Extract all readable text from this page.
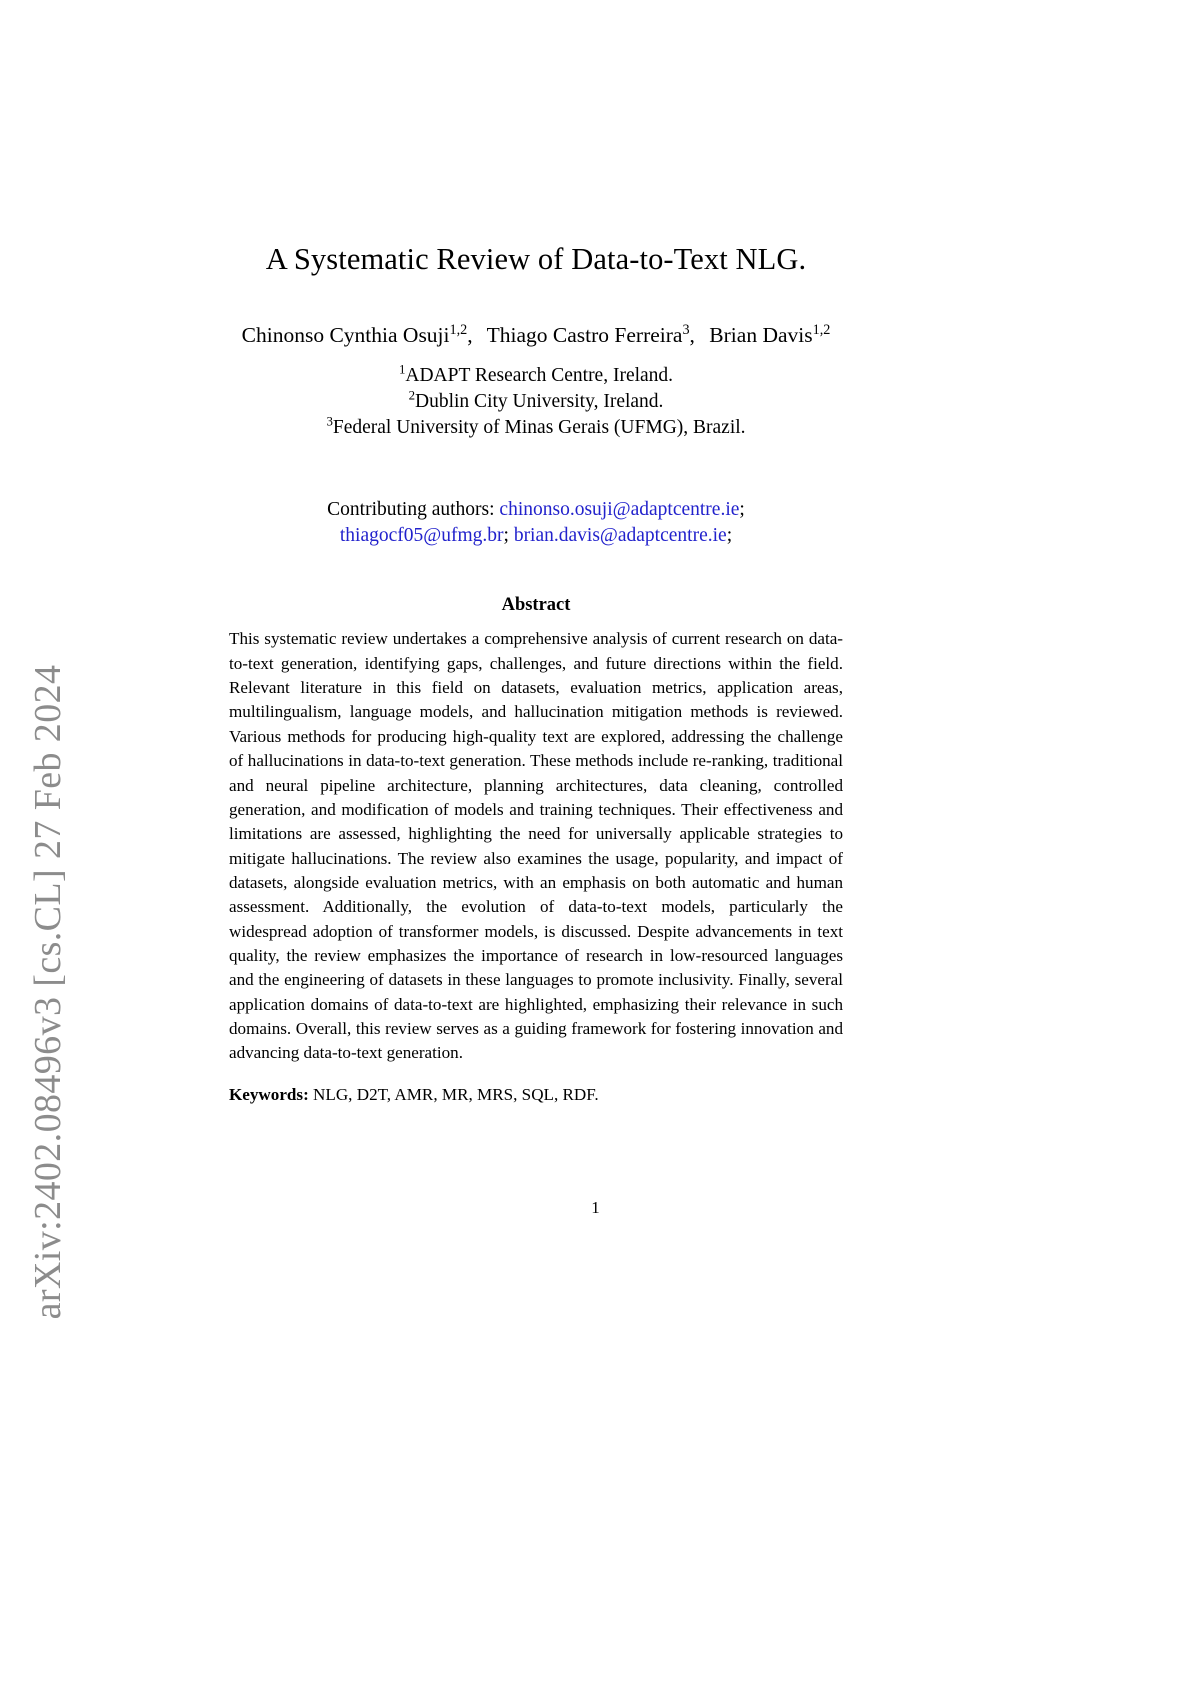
arXiv:2402.08496v3 [cs.CL] 27 Feb 2024
A Systematic Review of Data-to-Text NLG.

Chinonso Cynthia Osuji$^{1,2}$, Thiago Castro Ferreira$^3$, Brian Davis$^{1,2}$

$^1$ADAPT Research Centre, Ireland.
$^2$Dublin City University, Ireland.
$^3$Federal University of Minas Gerais (UFMG), Brazil.

Contributing authors: chinonso.osuji@adaptcentre.ie;
thiagocf05@ufmg.br; brian.davis@adaptcentre.ie;

Abstract

This systematic review undertakes a comprehensive analysis of current research on data-to-text generation, identifying gaps, challenges, and future directions within the field. Relevant literature in this field on datasets, evaluation metrics, application areas, multilingualism, language models, and hallucination mitigation methods is reviewed. Various methods for producing high-quality text are explored, addressing the challenge of hallucinations in data-to-text generation. These methods include re-ranking, traditional and neural pipeline architecture, planning architectures, data cleaning, controlled generation, and modification of models and training techniques. Their effectiveness and limitations are assessed, highlighting the need for universally applicable strategies to mitigate hallucinations. The review also examines the usage, popularity, and impact of datasets, alongside evaluation metrics, with an emphasis on both automatic and human assessment. Additionally, the evolution of data-to-text models, particularly the widespread adoption of transformer models, is discussed. Despite advancements in text quality, the review emphasizes the importance of research in low-resourced languages and the engineering of datasets in these languages to promote inclusivity. Finally, several application domains of data-to-text are highlighted, emphasizing their relevance in such domains. Overall, this review serves as a guiding framework for fostering innovation and advancing data-to-text generation.

Keywords: NLG, D2T, AMR, MR, MRS, SQL, RDF.

1
